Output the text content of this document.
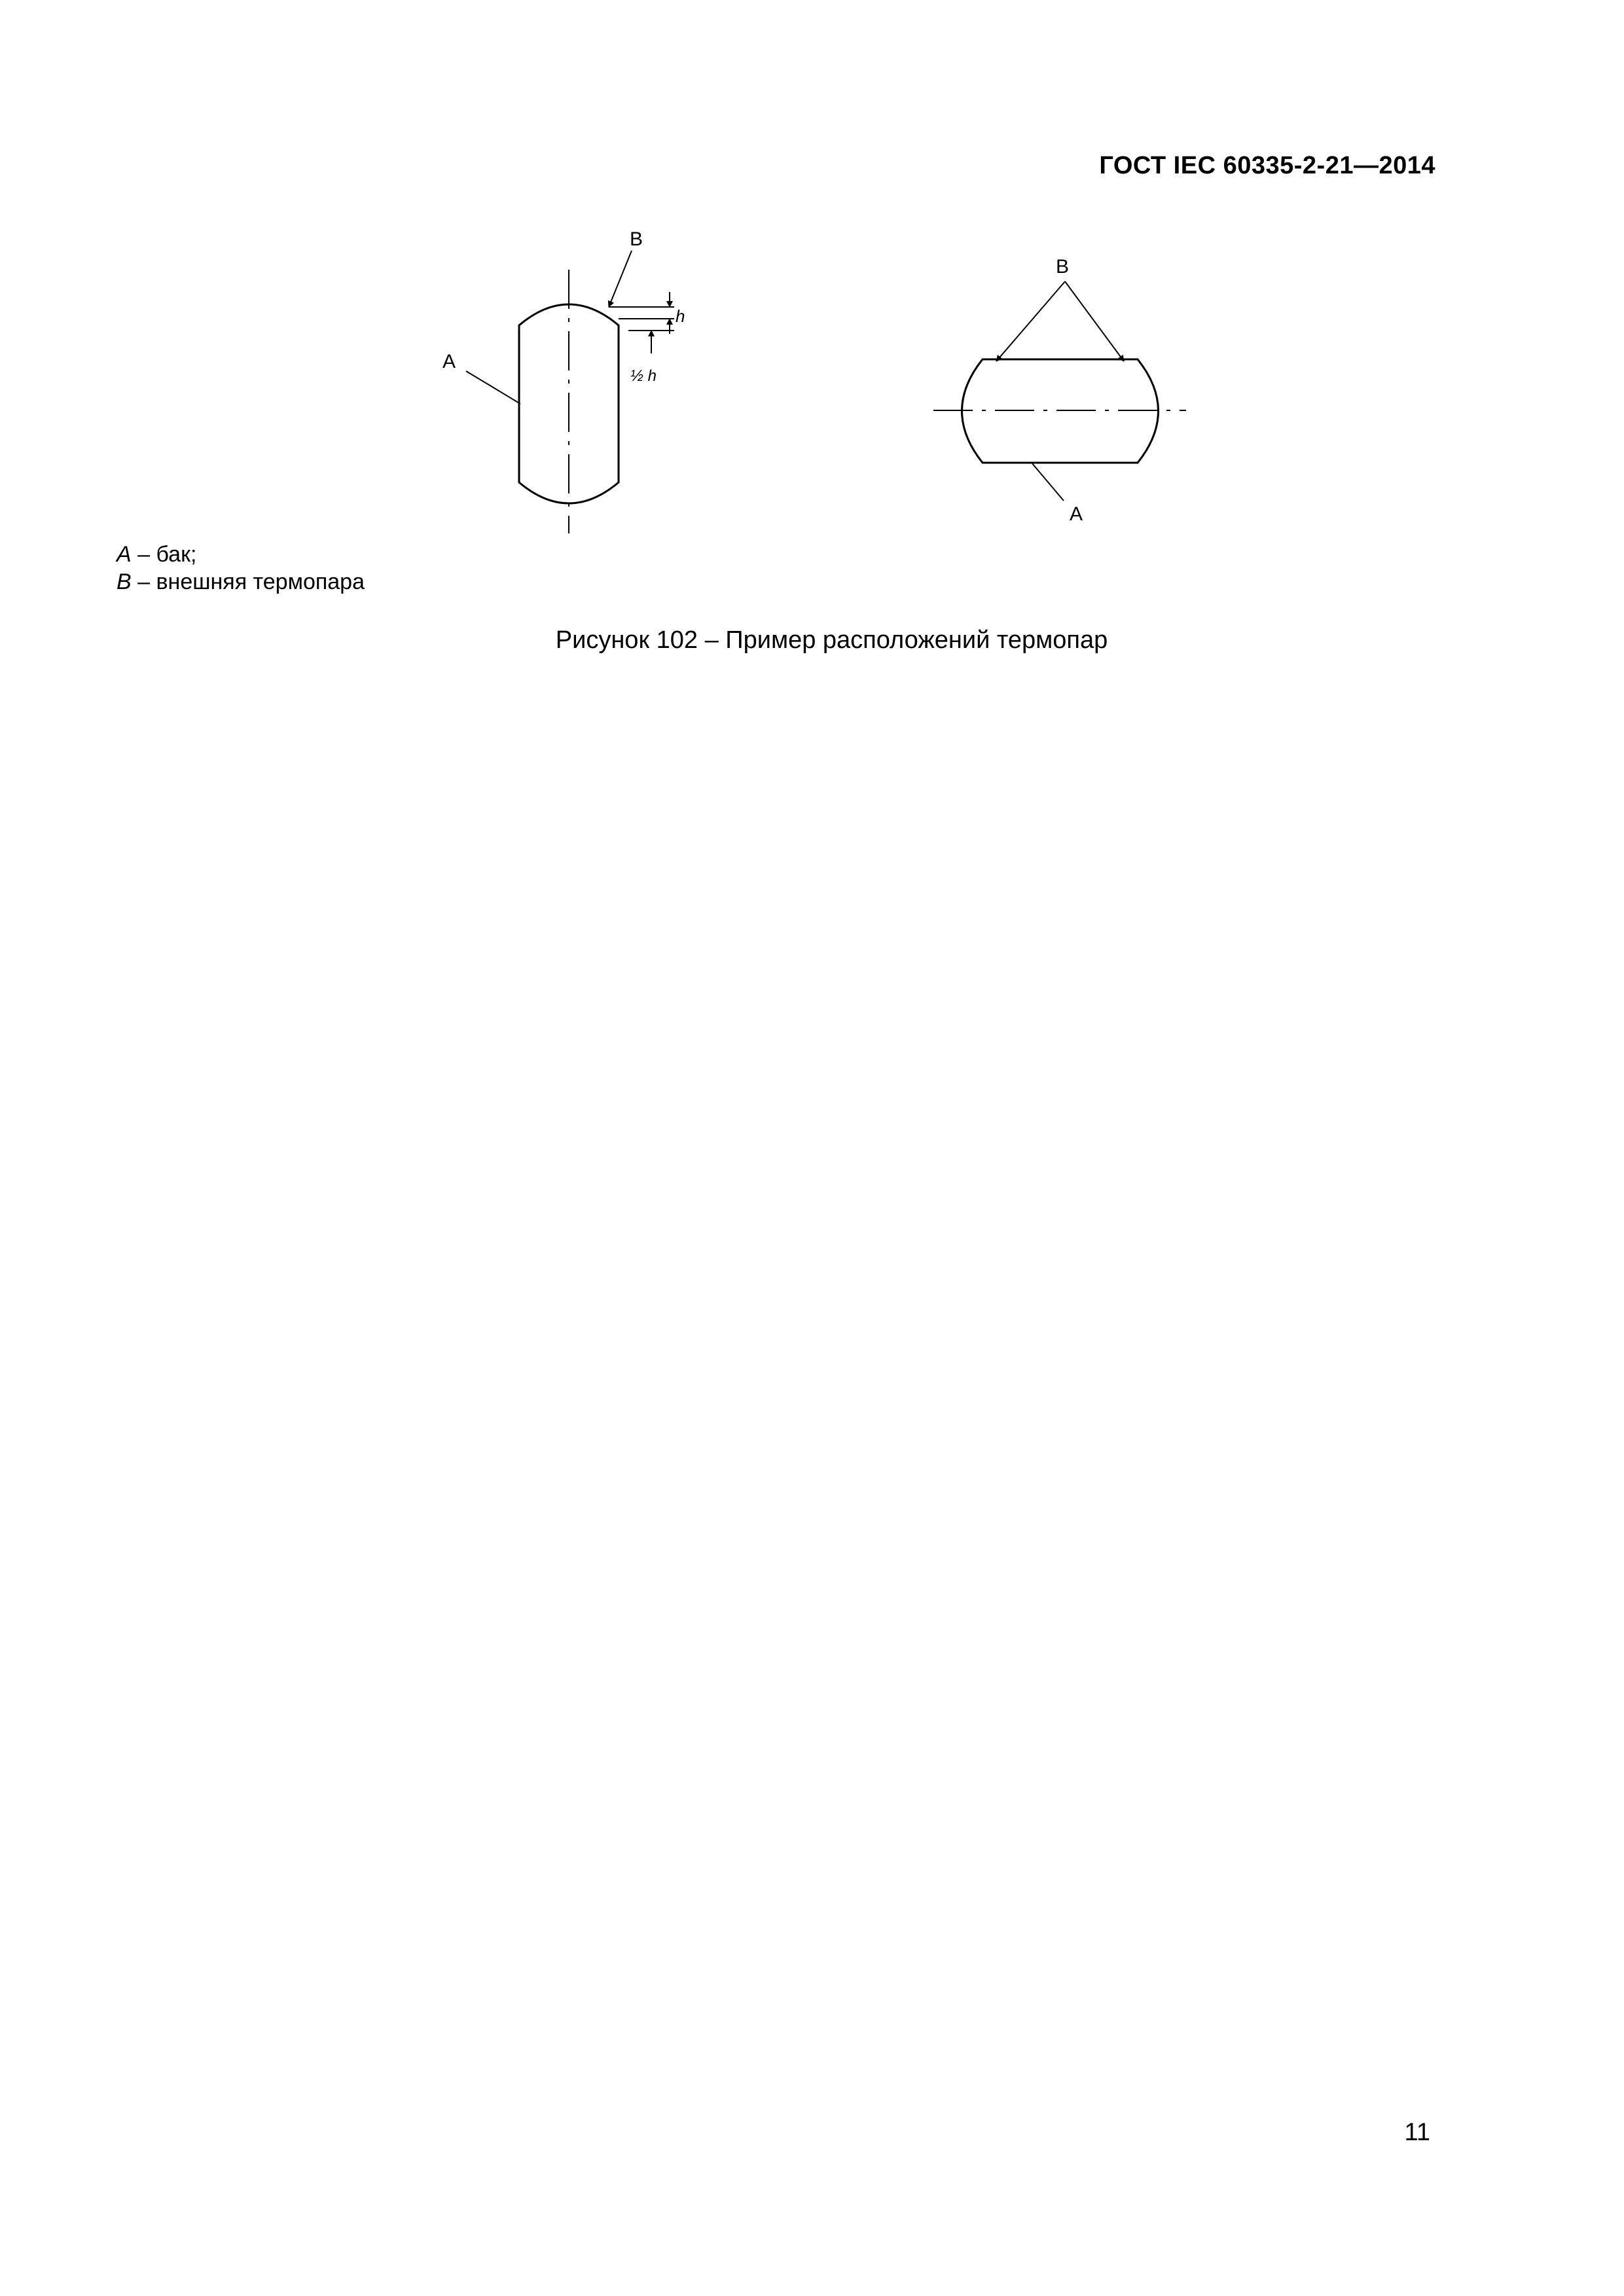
ГОСТ IEC 60335-2-21—2014
B
A
h
½ h
B
A
A – бак;
B – внешняя термопара
Рисунок 102 – Пример расположений термопар
11
